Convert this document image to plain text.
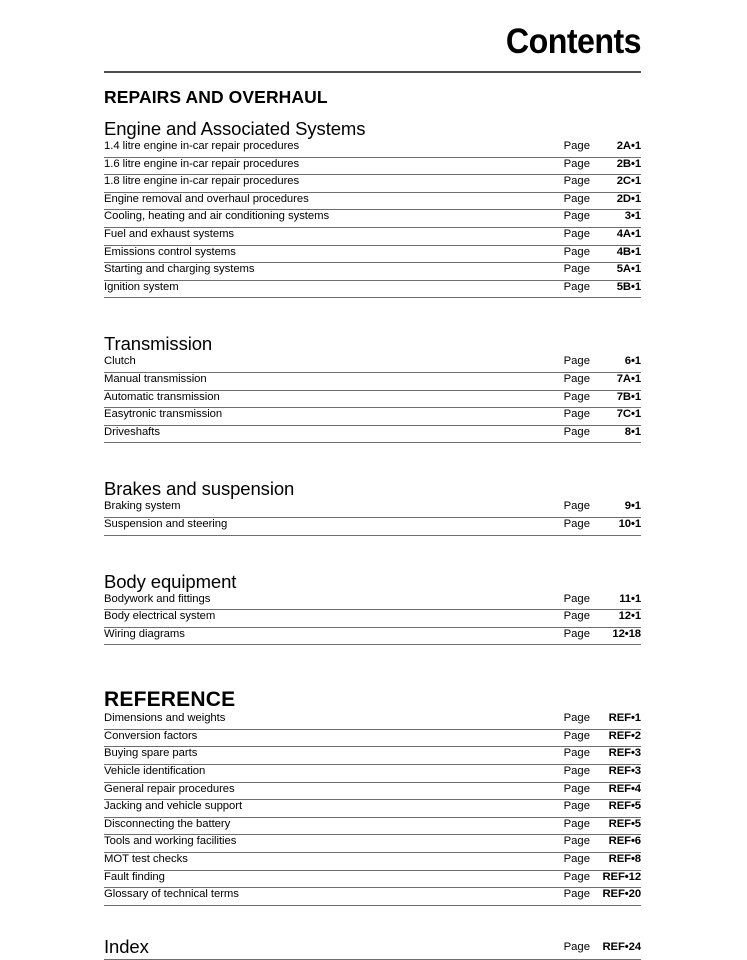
Contents
REPAIRS AND OVERHAUL
Engine and Associated Systems
1.4 litre engine in-car repair procedures	Page	2A•1
1.6 litre engine in-car repair procedures	Page	2B•1
1.8 litre engine in-car repair procedures	Page	2C•1
Engine removal and overhaul procedures	Page	2D•1
Cooling, heating and air conditioning systems	Page	3•1
Fuel and exhaust systems	Page	4A•1
Emissions control systems	Page	4B•1
Starting and charging systems	Page	5A•1
Ignition system	Page	5B•1
Transmission
Clutch	Page	6•1
Manual transmission	Page	7A•1
Automatic transmission	Page	7B•1
Easytronic transmission	Page	7C•1
Driveshafts	Page	8•1
Brakes and suspension
Braking system	Page	9•1
Suspension and steering	Page	10•1
Body equipment
Bodywork and fittings	Page	11•1
Body electrical system	Page	12•1
Wiring diagrams	Page	12•18
REFERENCE
Dimensions and weights	Page	REF•1
Conversion factors	Page	REF•2
Buying spare parts	Page	REF•3
Vehicle identification	Page	REF•3
General repair procedures	Page	REF•4
Jacking and vehicle support	Page	REF•5
Disconnecting the battery	Page	REF•5
Tools and working facilities	Page	REF•6
MOT test checks	Page	REF•8
Fault finding	Page	REF•12
Glossary of technical terms	Page	REF•20
Index	Page	REF•24
